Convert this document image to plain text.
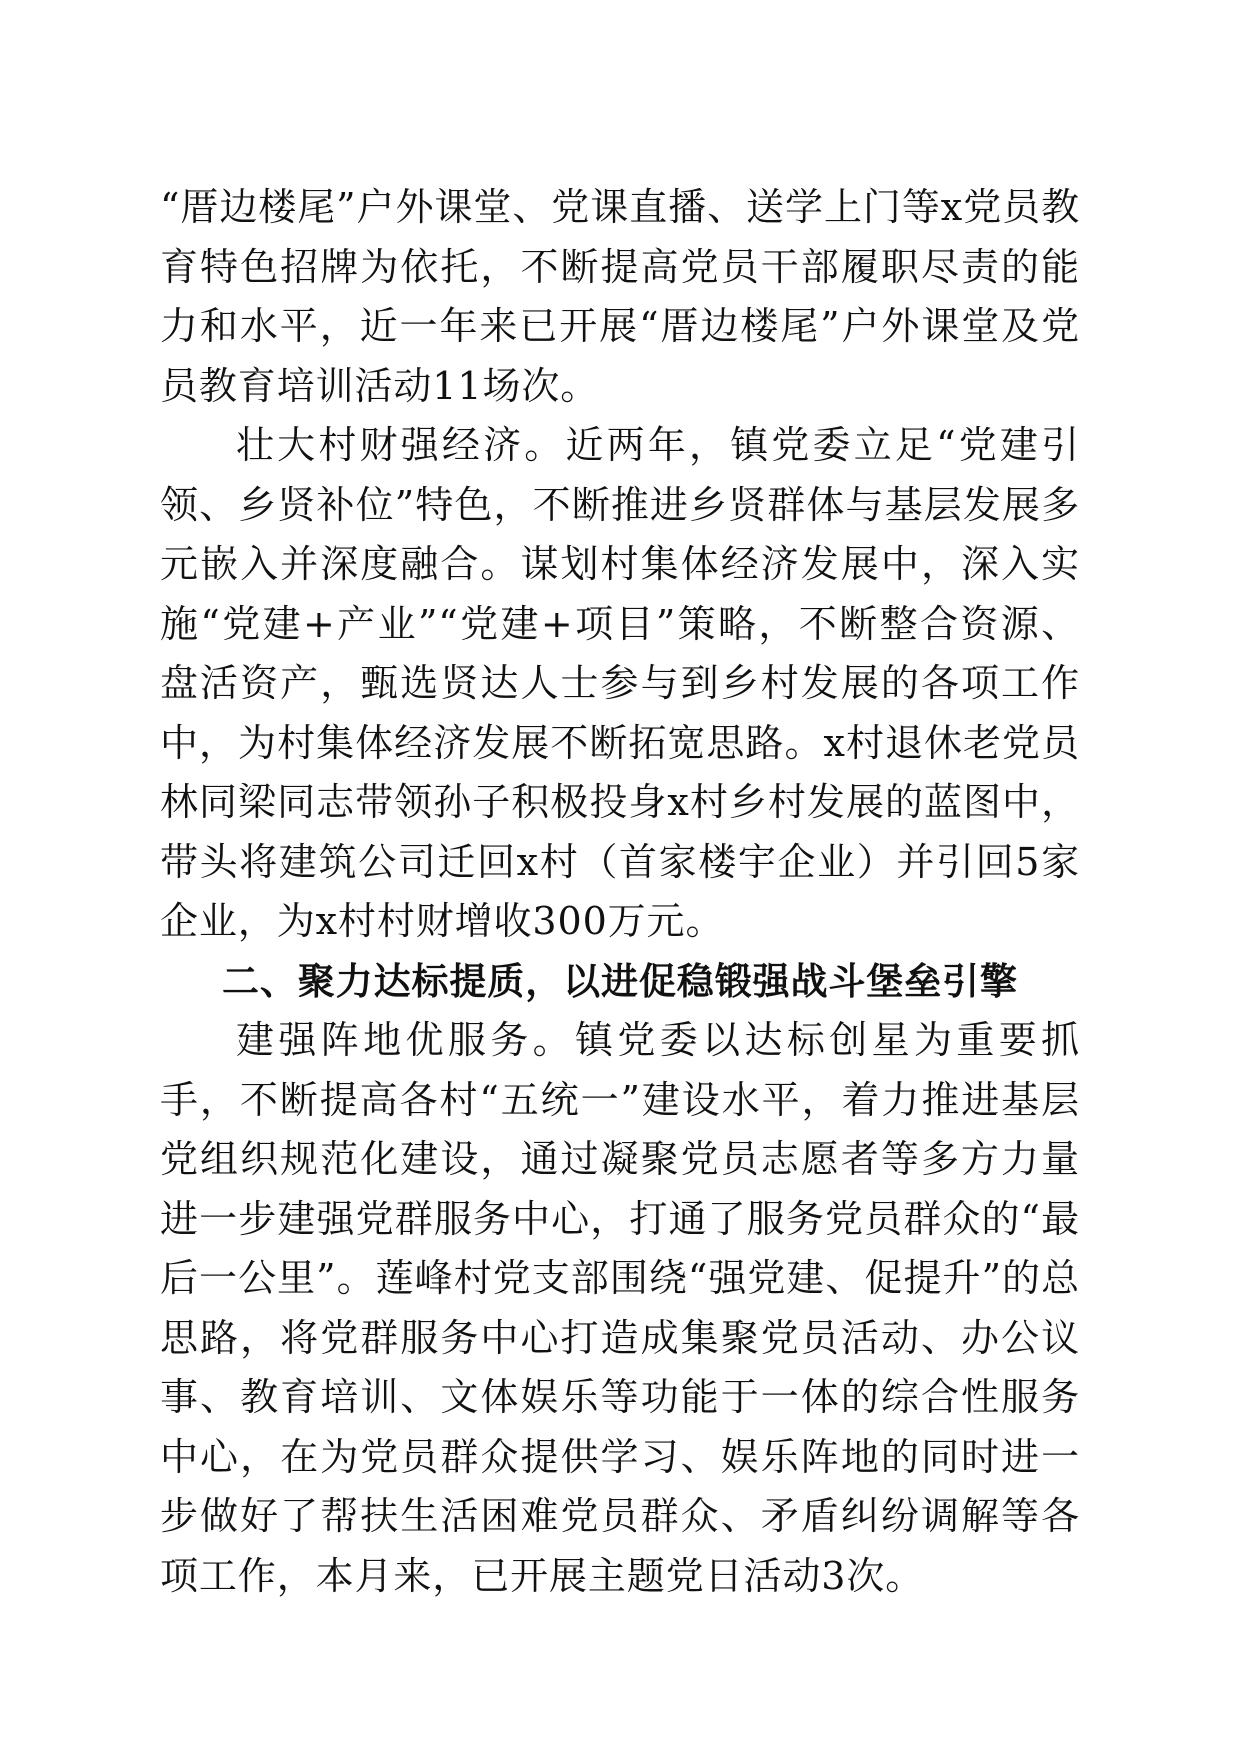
“厝边楼尾”户外课堂、党课直播、送学上门等x党员教育特色招牌为依托，不断提高党员干部履职尽责的能力和水平，近一年来已开展“厝边楼尾”户外课堂及党员教育培训活动11场次。

壮大村财强经济。近两年，镇党委立足“党建引领、乡贤补位”特色，不断推进乡贤群体与基层发展多元嵌入并深度融合。谋划村集体经济发展中，深入实施“党建+产业”“党建+项目”策略，不断整合资源、盘活资产，甄选贤达人士参与到乡村发展的各项工作中，为村集体经济发展不断拓宽思路。x村退休老党员林同梁同志带领孙子积极投身x村乡村发展的蓝图中，带头将建筑公司迁回x村（首家楼宇企业）并引回5家企业，为x村村财增收300万元。

二、聚力达标提质，以进促稳锻强战斗堡垒引擎

建强阵地优服务。镇党委以达标创星为重要抓手，不断提高各村“五统一”建设水平，着力推进基层党组织规范化建设，通过凝聚党员志愿者等多方力量进一步建强党群服务中心，打通了服务党员群众的“最后一公里”。莲峰村党支部围绕“强党建、促提升”的总思路，将党群服务中心打造成集聚党员活动、办公议事、教育培训、文体娱乐等功能于一体的综合性服务中心，在为党员群众提供学习、娱乐阵地的同时进一步做好了帮扶生活困难党员群众、矛盾纠纷调解等各项工作，本月来，已开展主题党日活动3次。
